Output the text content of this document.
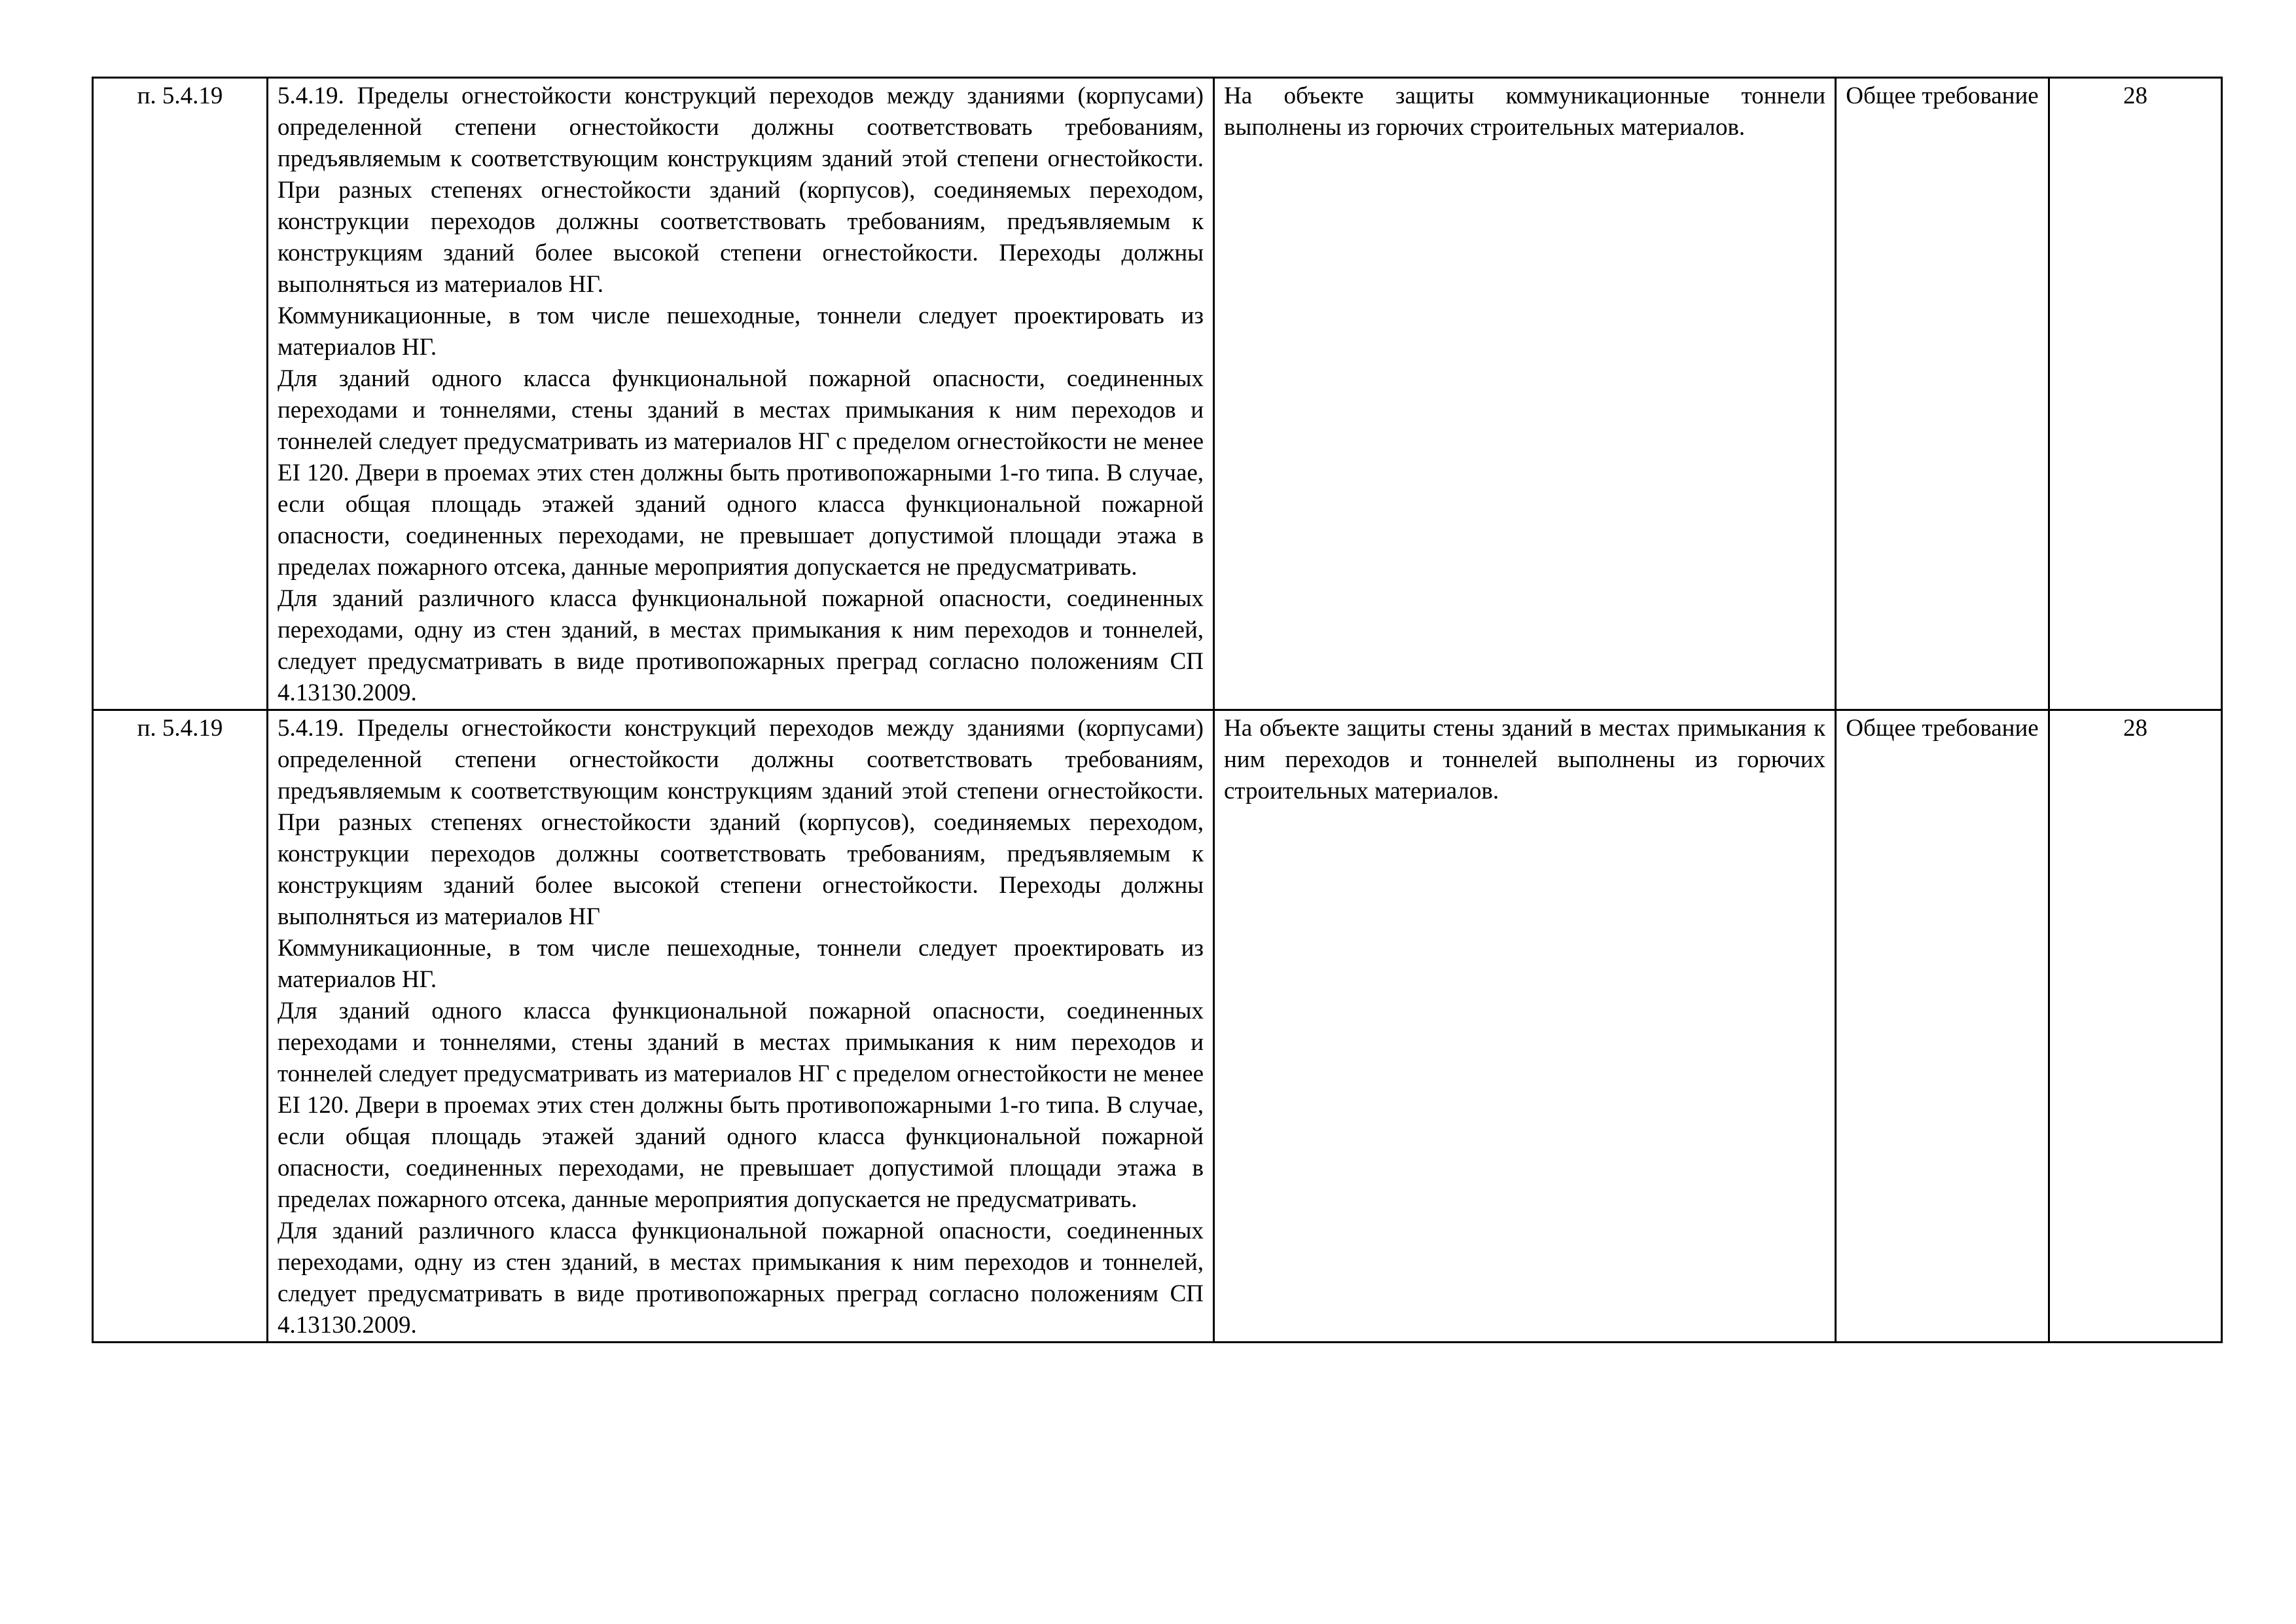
п. 5.4.19	5.4.19. Пределы огнестойкости конструкций переходов между зданиями (корпусами) определенной степени огнестойкости должны соответствовать требованиям, предъявляемым к соответствующим конструкциям зданий этой степени огнестойкости. При разных степенях огнестойкости зданий (корпусов), соединяемых переходом, конструкции переходов должны соответствовать требованиям, предъявляемым к конструкциям зданий более высокой степени огнестойкости. Переходы должны выполняться из материалов НГ.

Коммуникационные, в том числе пешеходные, тоннели следует проектировать из материалов НГ.

Для зданий одного класса функциональной пожарной опасности, соединенных переходами и тоннелями, стены зданий в местах примыкания к ним переходов и тоннелей следует предусматривать из материалов НГ с пределом огнестойкости не менее EI 120. Двери в проемах этих стен должны быть противопожарными 1-го типа. В случае, если общая площадь этажей зданий одного класса функциональной пожарной опасности, соединенных переходами, не превышает допустимой площади этажа в пределах пожарного отсека, данные мероприятия допускается не предусматривать.

Для зданий различного класса функциональной пожарной опасности, соединенных переходами, одну из стен зданий, в местах примыкания к ним переходов и тоннелей, следует предусматривать в виде противопожарных преград согласно положениям СП 4.13130.2009.	На объекте защиты коммуникационные тоннели выполнены из горючих строительных материалов.	Общее требование	28
п. 5.4.19	5.4.19. Пределы огнестойкости конструкций переходов между зданиями (корпусами) определенной степени огнестойкости должны соответствовать требованиям, предъявляемым к соответствующим конструкциям зданий этой степени огнестойкости. При разных степенях огнестойкости зданий (корпусов), соединяемых переходом, конструкции переходов должны соответствовать требованиям, предъявляемым к конструкциям зданий более высокой степени огнестойкости. Переходы должны выполняться из материалов НГ

Коммуникационные, в том числе пешеходные, тоннели следует проектировать из материалов НГ.

Для зданий одного класса функциональной пожарной опасности, соединенных переходами и тоннелями, стены зданий в местах примыкания к ним переходов и тоннелей следует предусматривать из материалов НГ с пределом огнестойкости не менее EI 120. Двери в проемах этих стен должны быть противопожарными 1-го типа. В случае, если общая площадь этажей зданий одного класса функциональной пожарной опасности, соединенных переходами, не превышает допустимой площади этажа в пределах пожарного отсека, данные мероприятия допускается не предусматривать.

Для зданий различного класса функциональной пожарной опасности, соединенных переходами, одну из стен зданий, в местах примыкания к ним переходов и тоннелей, следует предусматривать в виде противопожарных преград согласно положениям СП 4.13130.2009.	На объекте защиты стены зданий в местах примыкания к ним переходов и тоннелей выполнены из горючих строительных материалов.	Общее требование	28
